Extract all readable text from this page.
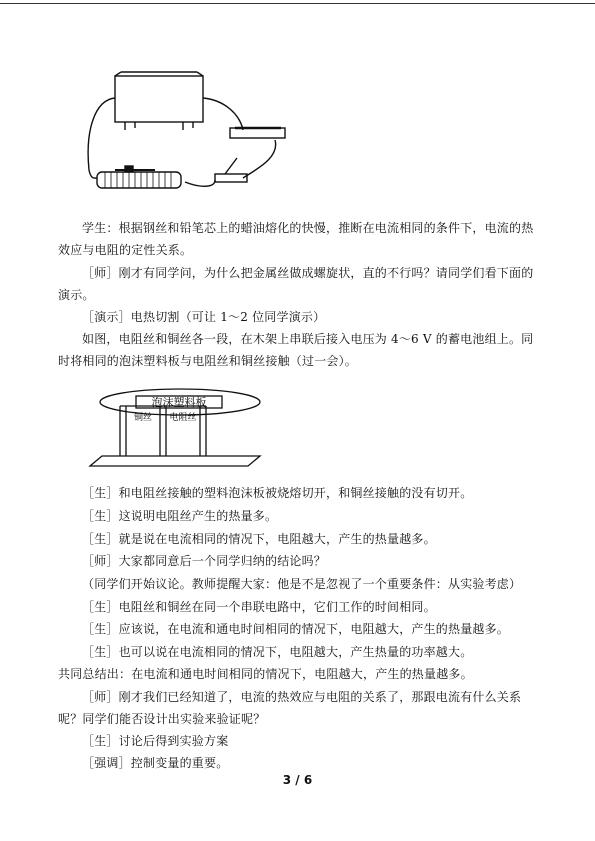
泡沫塑料板
铜丝 电阻丝
学生：根据钢丝和铅笔芯上的蜡油熔化的快慢，推断在电流相同的条件下，电流的热效应与电阻的定性关系。
［师］刚才有同学问，为什么把金属丝做成螺旋状，直的不行吗？请同学们看下面的演示。
［演示］电热切割（可让 1～2 位同学演示）
如图，电阻丝和铜丝各一段，在木架上串联后接入电压为 4～6 V 的蓄电池组上。同时将相同的泡沫塑料板与电阻丝和铜丝接触（过一会）。
［生］和电阻丝接触的塑料泡沫板被烧熔切开，和铜丝接触的没有切开。
［生］这说明电阻丝产生的热量多。
［生］就是说在电流相同的情况下，电阻越大，产生的热量越多。
［师］大家都同意后一个同学归纳的结论吗？
（同学们开始议论。教师提醒大家：他是不是忽视了一个重要条件：从实验考虑）
［生］电阻丝和铜丝在同一个串联电路中，它们工作的时间相同。
［生］应该说，在电流和通电时间相同的情况下，电阻越大，产生的热量越多。
［生］也可以说在电流相同的情况下，电阻越大，产生热量的功率越大。
共同总结出：在电流和通电时间相同的情况下，电阻越大，产生的热量越多。
［师］刚才我们已经知道了，电流的热效应与电阻的关系了，那跟电流有什么关系呢？同学们能否设计出实验来验证呢？
［生］讨论后得到实验方案
［强调］控制变量的重要。
3 / 6
